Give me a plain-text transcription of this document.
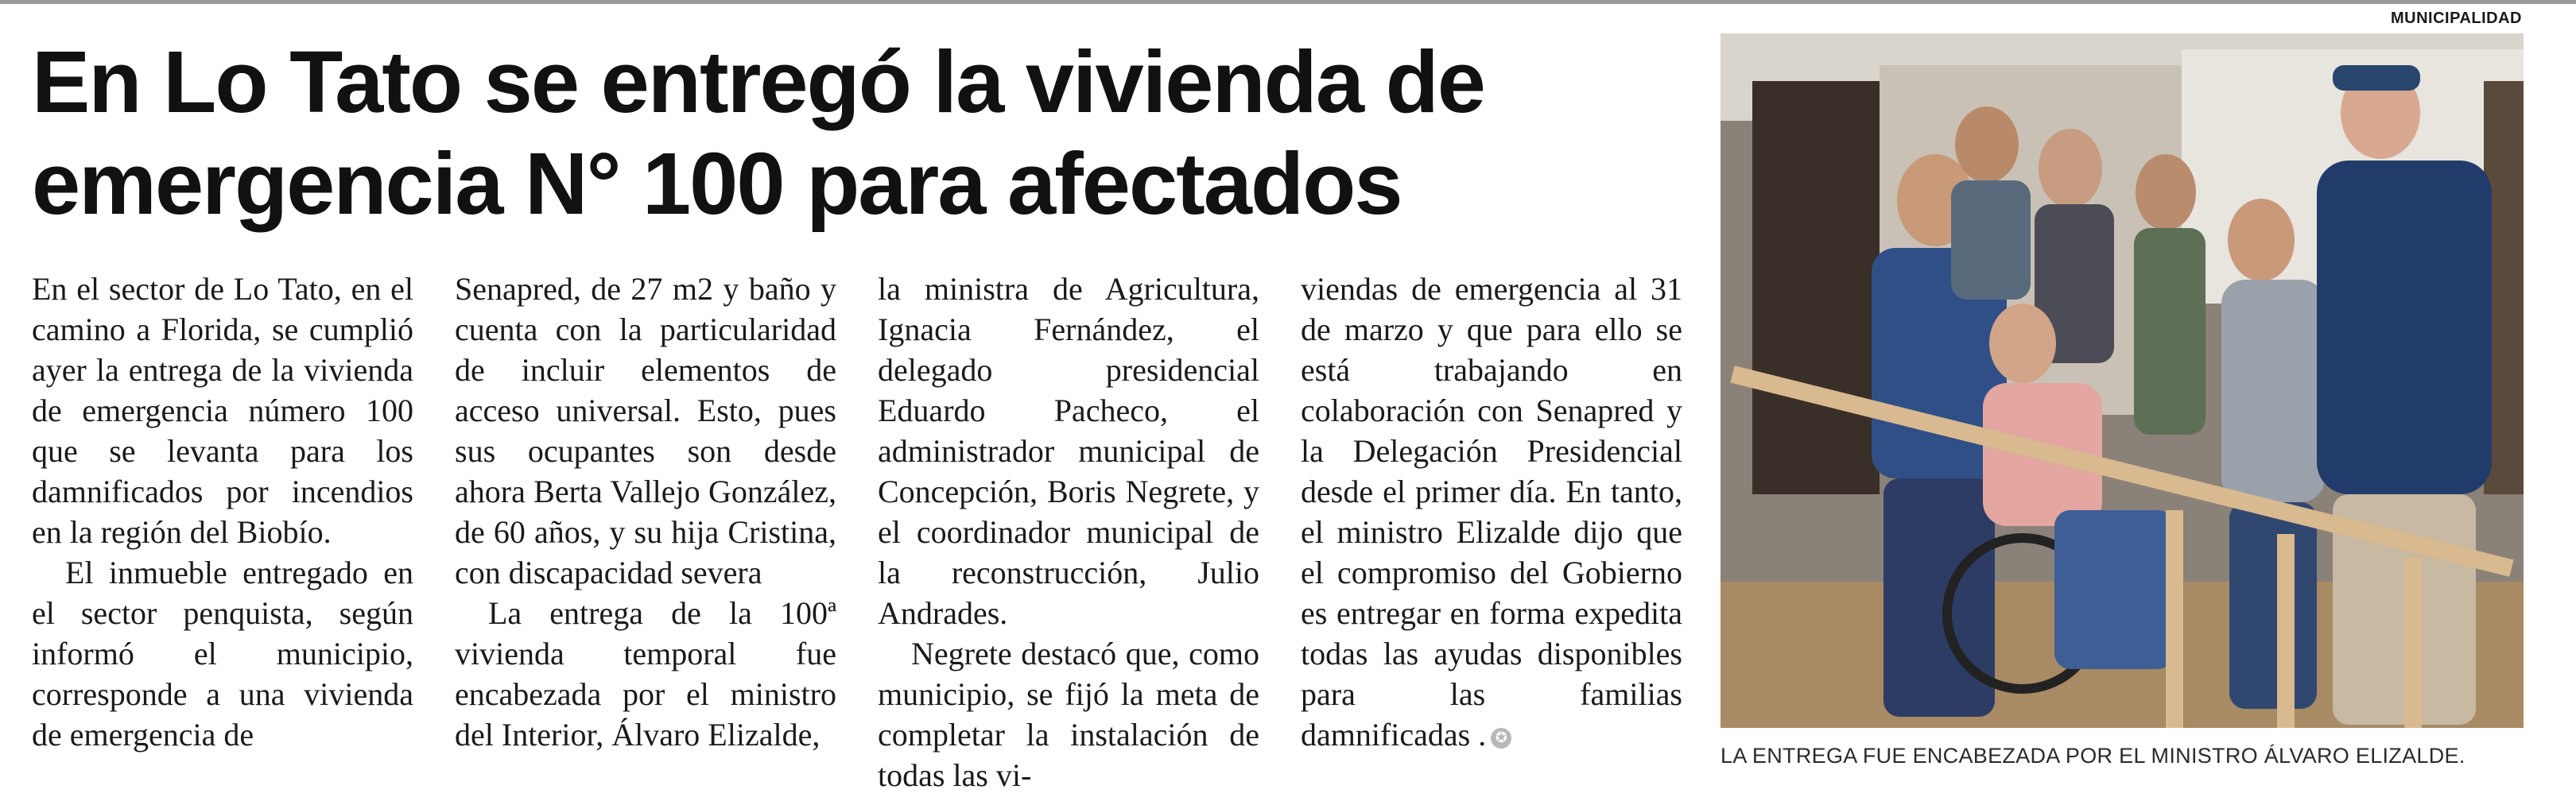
MUNICIPALIDAD
En Lo Tato se entregó la vivienda de
emergencia N° 100 para afectados

En el sector de Lo Tato, en el camino a Florida, se cumplió ayer la entrega de la vivienda de emergencia número 100 que se levanta para los damnificados por incendios en la región del Biobío.

El inmueble entregado en el sector penquista, según informó el municipio, corresponde a una vivienda de emergencia de

Senapred, de 27 m2 y baño y cuenta con la particularidad de incluir elementos de acceso universal. Esto, pues sus ocupantes son desde ahora Berta Vallejo González, de 60 años, y su hija Cristina, con discapacidad severa

La entrega de la 100ª vivienda temporal fue encabezada por el ministro del Interior, Álvaro Elizalde,

la ministra de Agricultura, Ignacia Fernández, el delegado presidencial Eduardo Pacheco, el administrador municipal de Concepción, Boris Negrete, y el coordinador municipal de la reconstrucción, Julio Andrades.

Negrete destacó que, como municipio, se fijó la meta de completar la instalación de todas las vi-

viendas de emergencia al 31 de marzo y que para ello se está trabajando en colaboración con Senapred y la Delegación Presidencial desde el primer día. En tanto, el ministro Elizalde dijo que el compromiso del Gobierno es entregar en forma expedita todas las ayudas disponibles para las familias damnificadas . ✪

LA ENTREGA FUE ENCABEZADA POR EL MINISTRO ÁLVARO ELIZALDE.
